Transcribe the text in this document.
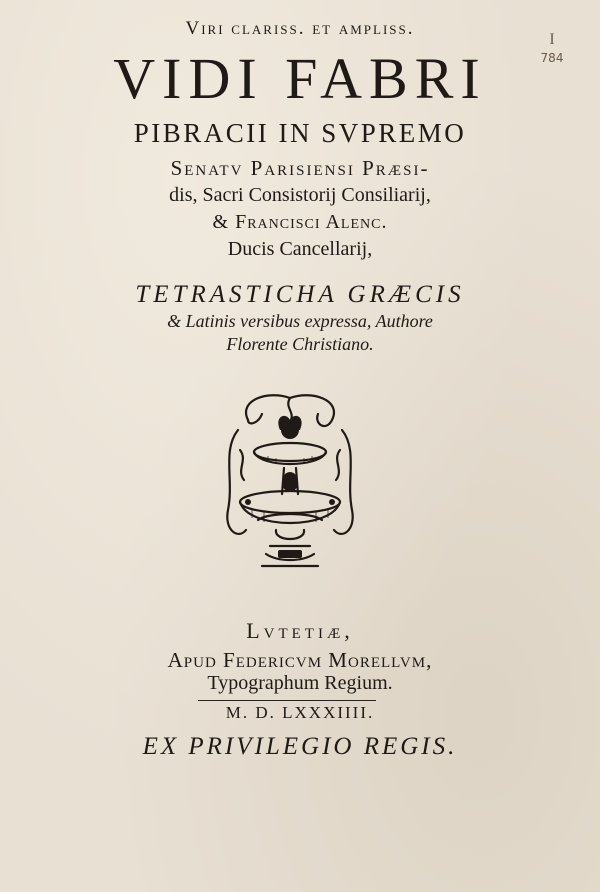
I
784
Viri clariss. et ampliss.
VIDI FABRI
PIBRACII IN SVPREMO
Senatv Parisiensi Præsi-
dis, Sacri Consistorij Consiliarij,
& Francisci Alenc.
Ducis Cancellarij,
TETRASTICHA GRÆCIS
& Latinis versibus expressa, Authore
Florente Christiano.
Lvtetiæ,
Apud Federicvm Morellvm,
Typographum Regium.
M. D. LXXXIIII.
EX PRIVILEGIO REGIS.
